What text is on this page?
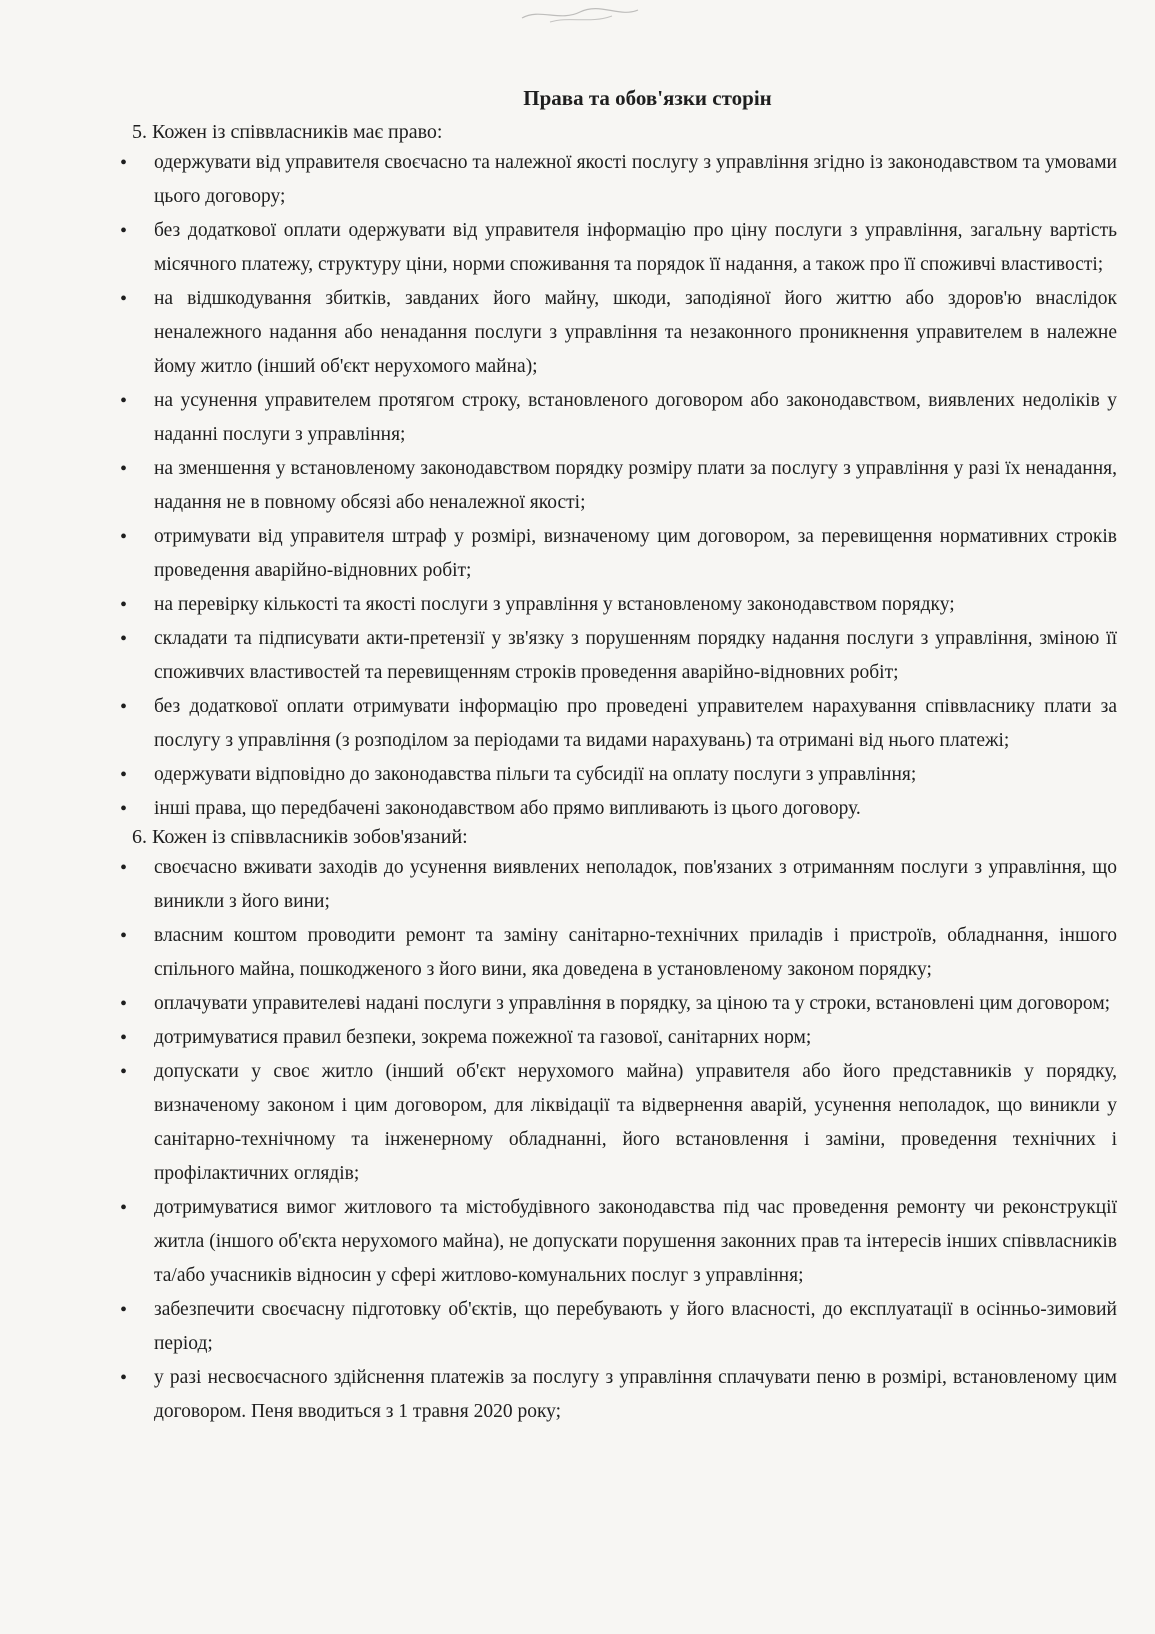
Права та обов'язки сторін
5. Кожен із співвласників має право:
• одержувати від управителя своєчасно та належної якості послугу з управління згідно із законодавством та умовами цього договору;
• без додаткової оплати одержувати від управителя інформацію про ціну послуги з управління, загальну вартість місячного платежу, структуру ціни, норми споживання та порядок її надання, а також про її споживчі властивості;
• на відшкодування збитків, завданих його майну, шкоди, заподіяної його життю або здоров'ю внаслідок неналежного надання або ненадання послуги з управління та незаконного проникнення управителем в належне йому житло (інший об'єкт нерухомого майна);
• на усунення управителем протягом строку, встановленого договором або законодавством, виявлених недоліків у наданні послуги з управління;
• на зменшення у встановленому законодавством порядку розміру плати за послугу з управління у разі їх ненадання, надання не в повному обсязі або неналежної якості;
• отримувати від управителя штраф у розмірі, визначеному цим договором, за перевищення нормативних строків проведення аварійно-відновних робіт;
• на перевірку кількості та якості послуги з управління у встановленому законодавством порядку;
• складати та підписувати акти-претензії у зв'язку з порушенням порядку надання послуги з управління, зміною її споживчих властивостей та перевищенням строків проведення аварійно-відновних робіт;
• без додаткової оплати отримувати інформацію про проведені управителем нарахування співвласнику плати за послугу з управління (з розподілом за періодами та видами нарахувань) та отримані від нього платежі;
• одержувати відповідно до законодавства пільги та субсидії на оплату послуги з управління;
• інші права, що передбачені законодавством або прямо випливають із цього договору.
6. Кожен із співвласників зобов'язаний:
• своєчасно вживати заходів до усунення виявлених неполадок, пов'язаних з отриманням послуги з управління, що виникли з його вини;
• власним коштом проводити ремонт та заміну санітарно-технічних приладів і пристроїв, обладнання, іншого спільного майна, пошкодженого з його вини, яка доведена в установленому законом порядку;
• оплачувати управителеві надані послуги з управління в порядку, за ціною та у строки, встановлені цим договором;
• дотримуватися правил безпеки, зокрема пожежної та газової, санітарних норм;
• допускати у своє житло (інший об'єкт нерухомого майна) управителя або його представників у порядку, визначеному законом і цим договором, для ліквідації та відвернення аварій, усунення неполадок, що виникли у санітарно-технічному та інженерному обладнанні, його встановлення і заміни, проведення технічних і профілактичних оглядів;
• дотримуватися вимог житлового та містобудівного законодавства під час проведення ремонту чи реконструкції житла (іншого об'єкта нерухомого майна), не допускати порушення законних прав та інтересів інших співвласників та/або учасників відносин у сфері житлово-комунальних послуг з управління;
• забезпечити своєчасну підготовку об'єктів, що перебувають у його власності, до експлуатації в осінньо-зимовий період;
• у разі несвоєчасного здійснення платежів за послугу з управління сплачувати пеню в розмірі, встановленому цим договором. Пеня вводиться з 1 травня 2020 року;
